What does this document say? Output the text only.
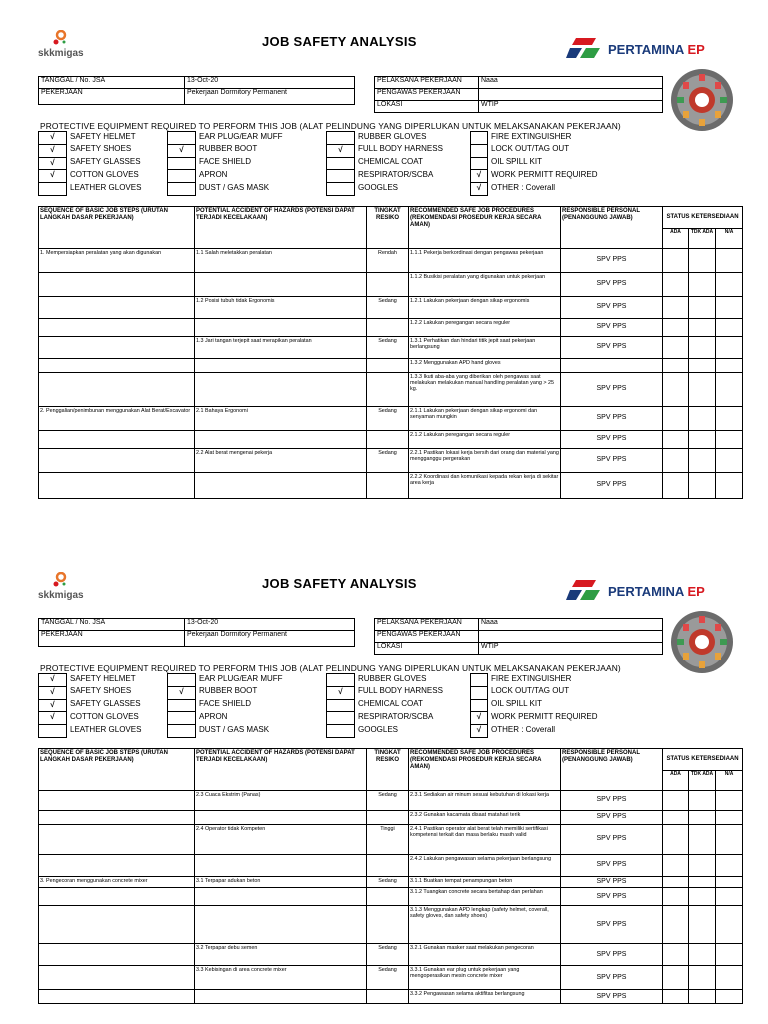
skkmigas
JOB SAFETY ANALYSIS
PERTAMINA EP
TANGGAL / No. JSA	13-Oct-20
PEKERJAAN	Pekerjaan Dormitory Permanent
PELAKSANA PEKERJAAN	Naaa
PENGAWAS PEKERJAAN	
LOKASI	WTIP
PROTECTIVE EQUIPMENT REQUIRED TO PERFORM THIS JOB (ALAT PELINDUNG YANG DIPERLUKAN UNTUK MELAKSANAKAN PEKERJAAN)
√	SAFETY HELMET		EAR PLUG/EAR MUFF		RUBBER GLOVES		FIRE EXTINGUISHER
√	SAFETY SHOES	√	RUBBER BOOT	√	FULL BODY HARNESS		LOCK OUT/TAG OUT
√	SAFETY GLASSES		FACE SHIELD		CHEMICAL COAT		OIL SPILL KIT
√	COTTON GLOVES		APRON		RESPIRATOR/SCBA	√	WORK PERMITT REQUIRED
	LEATHER GLOVES		DUST / GAS MASK		GOOGLES	√	OTHER : Coverall
SEQUENCE OF BASIC JOB STEPS (URUTAN LANGKAH DASAR PEKERJAAN)	POTENTIAL ACCIDENT OF HAZARDS (POTENSI DAPAT TERJADI KECELAKAAN)	TINGKAT RESIKO	RECOMMENDED SAFE JOB PROCEDURES (REKOMENDASI PROSEDUR KERJA SECARA AMAN)	RESPONSIBLE PERSONAL (PENANGGUNG JAWAB)	STATUS KETERSEDIAAN		
					ADA	TDK ADA	N/A
1. Mempersiapkan peralatan yang akan digunakan	1.1 Salah meletakkan peralatan	Rendah	1.1.1 Pekerja berkordinasi dengan pengawas pekerjaan	SPV PPS			
			1.1.2 Busikisi peralatan yang digunakan untuk pekerjaan	SPV PPS			
	1.2 Posisi tubuh tidak Ergonomis	Sedang	1.2.1 Lakukan pekerjaan dengan sikap ergonomis	SPV PPS			
			1.2.2 Lakukan peregangan secara reguler	SPV PPS			
	1.3 Jari tangan terjepit saat merapikan peralatan	Sedang	1.3.1 Perhatikan dan hindari titik jepit saat pekerjaan berlangsung	SPV PPS			
			1.3.2 Menggunakan APD hand gloves				
			1.3.3 Ikuti aba-aba yang diberikan oleh pengawas saat melakukan melakukan manual handling peralatan yang > 25 kg.	SPV PPS			
2. Penggalian/penimbunan menggunakan Alat Berat/Excavator	2.1 Bahaya Ergonomi	Sedang	2.1.1 Lakukan pekerjaan dengan sikap ergonomi dan senyaman mungkin	SPV PPS			
			2.1.2 Lakukan peregangan secara reguler	SPV PPS			
	2.2 Alat berat mengenai pekerja	Sedang	2.2.1 Pastikan lokasi kerja bersih dari orang dan material yang mengganggu pergerakan	SPV PPS			
			2.2.2 Koordinasi dan komunikasi kepada rekan kerja di sekitar area kerja	SPV PPS			
skkmigas
JOB SAFETY ANALYSIS
PERTAMINA EP
TANGGAL / No. JSA	13-Oct-20
PEKERJAAN	Pekerjaan Dormitory Permanent
PELAKSANA PEKERJAAN	Naaa
PENGAWAS PEKERJAAN	
LOKASI	WTIP
PROTECTIVE EQUIPMENT REQUIRED TO PERFORM THIS JOB (ALAT PELINDUNG YANG DIPERLUKAN UNTUK MELAKSANAKAN PEKERJAAN)
√	SAFETY HELMET		EAR PLUG/EAR MUFF		RUBBER GLOVES		FIRE EXTINGUISHER
√	SAFETY SHOES	√	RUBBER BOOT	√	FULL BODY HARNESS		LOCK OUT/TAG OUT
√	SAFETY GLASSES		FACE SHIELD		CHEMICAL COAT		OIL SPILL KIT
√	COTTON GLOVES		APRON		RESPIRATOR/SCBA	√	WORK PERMITT REQUIRED
	LEATHER GLOVES		DUST / GAS MASK		GOOGLES	√	OTHER : Coverall
SEQUENCE OF BASIC JOB STEPS (URUTAN LANGKAH DASAR PEKERJAAN)	POTENTIAL ACCIDENT OF HAZARDS (POTENSI DAPAT TERJADI KECELAKAAN)	TINGKAT RESIKO	RECOMMENDED SAFE JOB PROCEDURES (REKOMENDASI PROSEDUR KERJA SECARA AMAN)	RESPONSIBLE PERSONAL (PENANGGUNG JAWAB)	STATUS KETERSEDIAAN		
					ADA	TDK ADA	N/A
	2.3 Cuaca Ekstrim (Panas)	Sedang	2.3.1 Sediakan air minum sesuai kebutuhan di lokasi kerja	SPV PPS			
			2.3.2 Gunakan kacamata disaat matahari terik	SPV PPS			
	2.4 Operator tidak Kompeten	Tinggi	2.4.1 Pastikan operator alat berat telah memiliki sertifikasi kompetensi terkait dan masa berlaku masih valid	SPV PPS			
			2.4.2 Lakukan pengawasan selama pekerjaan berlangsung	SPV PPS			
3. Pengecoran menggunakan concrete mixer	3.1 Terpapar adukan beton	Sedang	3.1.1 Buatkan tempat penampungan beton	SPV PPS			
			3.1.2 Tuangkan concrete secara bertahap dan perlahan	SPV PPS			
			3.1.3 Menggunakan APD lengkap (safety helmet, coverall, safety gloves, dan safety shoes)	SPV PPS			
	3.2 Terpapar debu semen	Sedang	3.2.1 Gunakan masker saat melakukan pengecoran	SPV PPS			
	3.3 Kebisingan di area concrete mixer	Sedang	3.3.1 Gunakan ear plug untuk pekerjaan yang mengoperasikan mesin concrete mixer	SPV PPS			
			3.3.2 Pengawasan selama aktifitas berlangsung	SPV PPS			
